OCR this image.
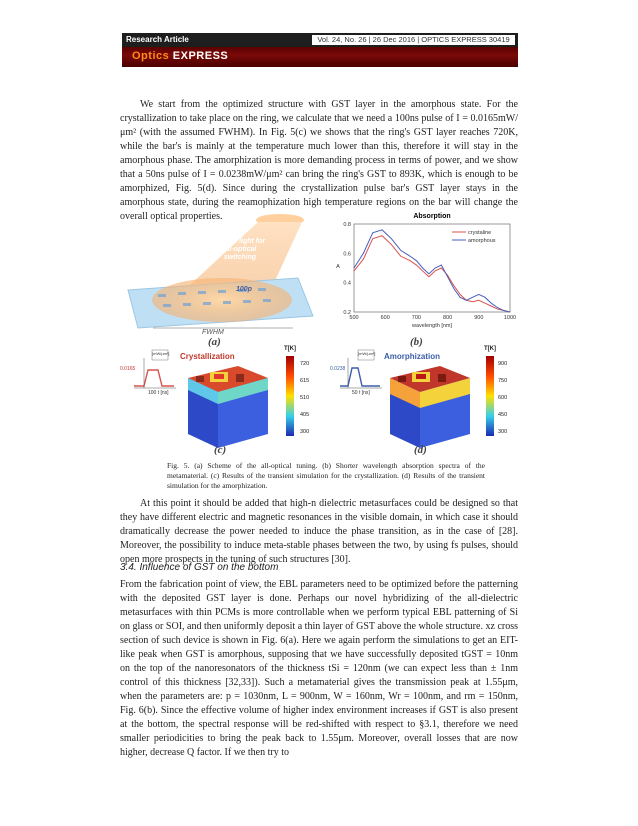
Research Article	Vol. 24, No. 26 | 26 Dec 2016 | OPTICS EXPRESS 30419
Optics EXPRESS
We start from the optimized structure with GST layer in the amorphous state. For the crystallization to take place on the ring, we calculate that we need a 100ns pulse of I = 0.0165mW/μm² (with the assumed FWHM). In Fig. 5(c) we shows that the ring's GST layer reaches 720K, while the bar's is mainly at the temperature much lower than this, therefore it will stay in the amorphous phase. The amorphization is more demanding process in terms of power, and we show that a 50ns pulse of I = 0.0238mW/μm² can bring the ring's GST to 893K, which is enough to be amorphized, Fig. 5(d). Since during the crystallization pulse bar's GST layer stays in the amorphous state, during the reamophization high temperature regions on the bar will change the overall optical properties.
Visible light for all-optical switching
100p
FWHM
(a)
Absorption
500	600	700	800	900	1000
0.2
0.4
0.6
0.8
wavelength [nm]
A
crystaline
amorphous
(b)
0.0165
100 t [ns]
[mW/μm²] Crystallization
T[K]
720
615
510
405
300
(c)
0.0238
50 t [ns]
[mW/μm²] Amorphization
T[K]
900
750
600
450
300
(d)
Fig. 5. (a) Scheme of the all-optical tuning. (b) Shorter wavelength absorption spectra of the metamaterial. (c) Results of the transient simulation for the crystallization. (d) Results of the transient simulation for the amorphization.
At this point it should be added that high-n dielectric metasurfaces could be designed so that they have different electric and magnetic resonances in the visible domain, in which case it should dramatically decrease the power needed to induce the phase transition, as in the case of [28]. Moreover, the possibility to induce meta-stable phases between the two, by using fs pulses, should open more prospects in the tuning of such structures [30].
3.4. Influence of GST on the bottom
From the fabrication point of view, the EBL parameters need to be optimized before the patterning with the deposited GST layer is done. Perhaps our novel hybridizing of the all-dielectric metasurfaces with thin PCMs is more controllable when we perform typical EBL patterning of Si on glass or SOI, and then uniformly deposit a thin layer of GST above the whole structure. xz cross section of such device is shown in Fig. 6(a). Here we again perform the simulations to get an EIT-like peak when GST is amorphous, supposing that we have successfully deposited tGST = 10nm on the top of the nanoresonators of the thickness tSi = 120nm (we can expect less than ± 1nm control of this thickness [32,33]). Such a metamaterial gives the transmission peak at 1.55μm, when the parameters are: p = 1030nm, L = 900nm, W = 160nm, Wr = 100nm, and rm = 150nm, Fig. 6(b). Since the effective volume of higher index environment increases if GST is also present at the bottom, the spectral response will be red-shifted with respect to §3.1, therefore we need smaller periodicities to bring the peak back to 1.55μm. Moreover, overall losses that are now higher, decrease Q factor. If we then try to
